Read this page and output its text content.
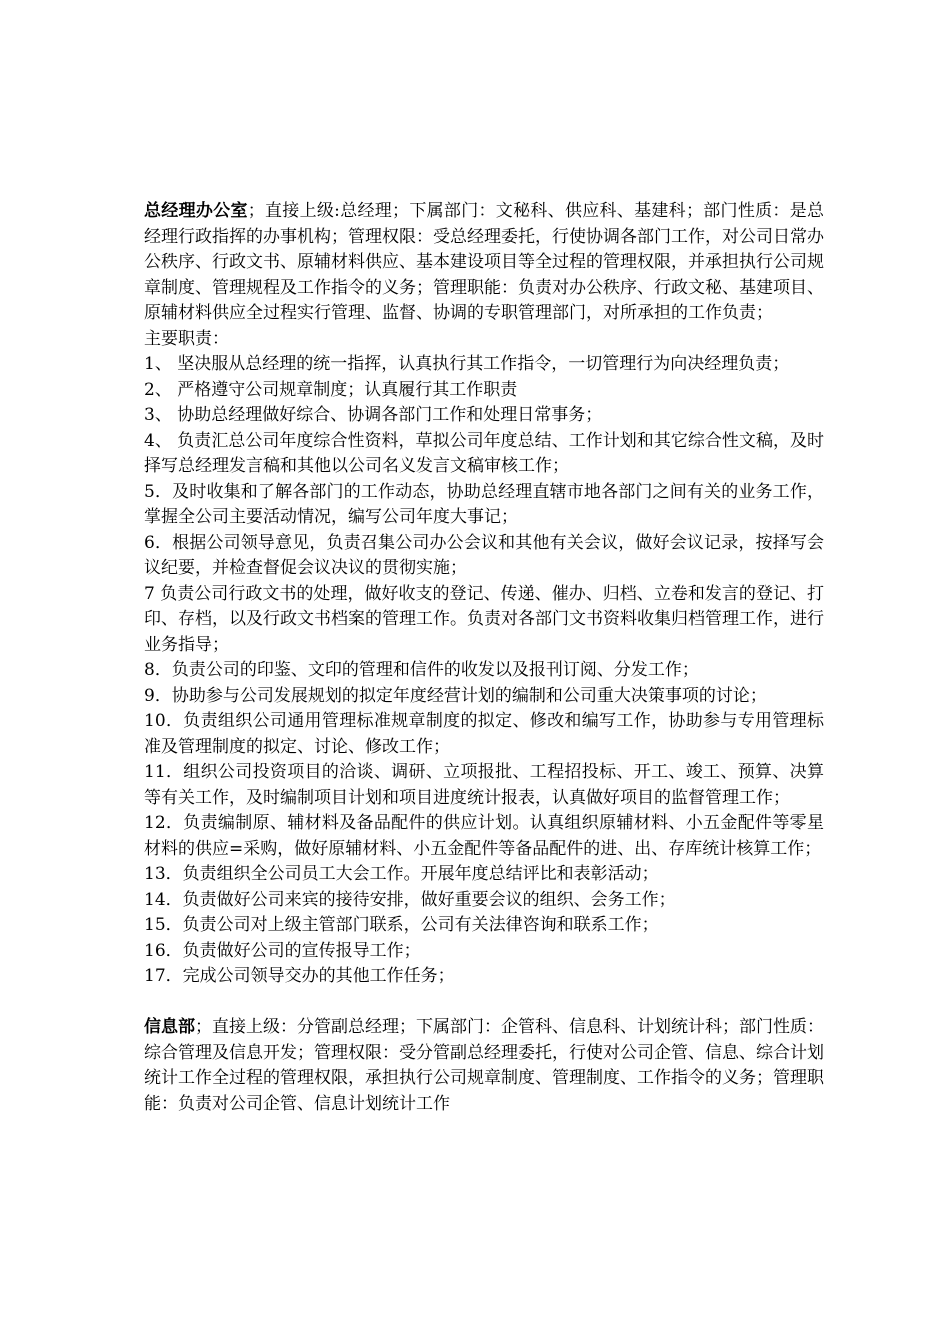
总经理办公室；直接上级:总经理；下属部门：文秘科、供应科、基建科；部门性质：是总经理行政指挥的办事机构；管理权限：受总经理委托，行使协调各部门工作，对公司日常办公秩序、行政文书、原辅材料供应、基本建设项目等全过程的管理权限，并承担执行公司规章制度、管理规程及工作指令的义务；管理职能：负责对办公秩序、行政文秘、基建项目、原辅材料供应全过程实行管理、监督、协调的专职管理部门，对所承担的工作负责；

主要职责：

1、 坚决服从总经理的统一指挥，认真执行其工作指令，一切管理行为向决经理负责；
2、 严格遵守公司规章制度；认真履行其工作职责
3、 协助总经理做好综合、协调各部门工作和处理日常事务；
4、 负责汇总公司年度综合性资料，草拟公司年度总结、工作计划和其它综合性文稿，及时择写总经理发言稿和其他以公司名义发言文稿审核工作；
5．及时收集和了解各部门的工作动态，协助总经理直辖市地各部门之间有关的业务工作，掌握全公司主要活动情况，编写公司年度大事记；
6．根据公司领导意见，负责召集公司办公会议和其他有关会议，做好会议记录，按择写会议纪要，并检查督促会议决议的贯彻实施；
7 负责公司行政文书的处理，做好收支的登记、传递、催办、归档、立卷和发言的登记、打印、存档，以及行政文书档案的管理工作。负责对各部门文书资料收集归档管理工作，进行业务指导；
8．负责公司的印鉴、文印的管理和信件的收发以及报刊订阅、分发工作；
9．协助参与公司发展规划的拟定年度经营计划的编制和公司重大决策事项的讨论；
10．负责组织公司通用管理标准规章制度的拟定、修改和编写工作，协助参与专用管理标准及管理制度的拟定、讨论、修改工作；
11．组织公司投资项目的洽谈、调研、立项报批、工程招投标、开工、竣工、预算、决算等有关工作，及时编制项目计划和项目进度统计报表，认真做好项目的监督管理工作；
12．负责编制原、辅材料及备品配件的供应计划。认真组织原辅材料、小五金配件等零星材料的供应=采购，做好原辅材料、小五金配件等备品配件的进、出、存库统计核算工作；
13．负责组织全公司员工大会工作。开展年度总结评比和表彰活动；
14．负责做好公司来宾的接待安排，做好重要会议的组织、会务工作；
15．负责公司对上级主管部门联系，公司有关法律咨询和联系工作；
16．负责做好公司的宣传报导工作；
17．完成公司领导交办的其他工作任务；

信息部；直接上级：分管副总经理；下属部门：企管科、信息科、计划统计科；部门性质：综合管理及信息开发；管理权限：受分管副总经理委托，行使对公司企管、信息、综合计划统计工作全过程的管理权限，承担执行公司规章制度、管理制度、工作指令的义务；管理职能：负责对公司企管、信息计划统计工作
